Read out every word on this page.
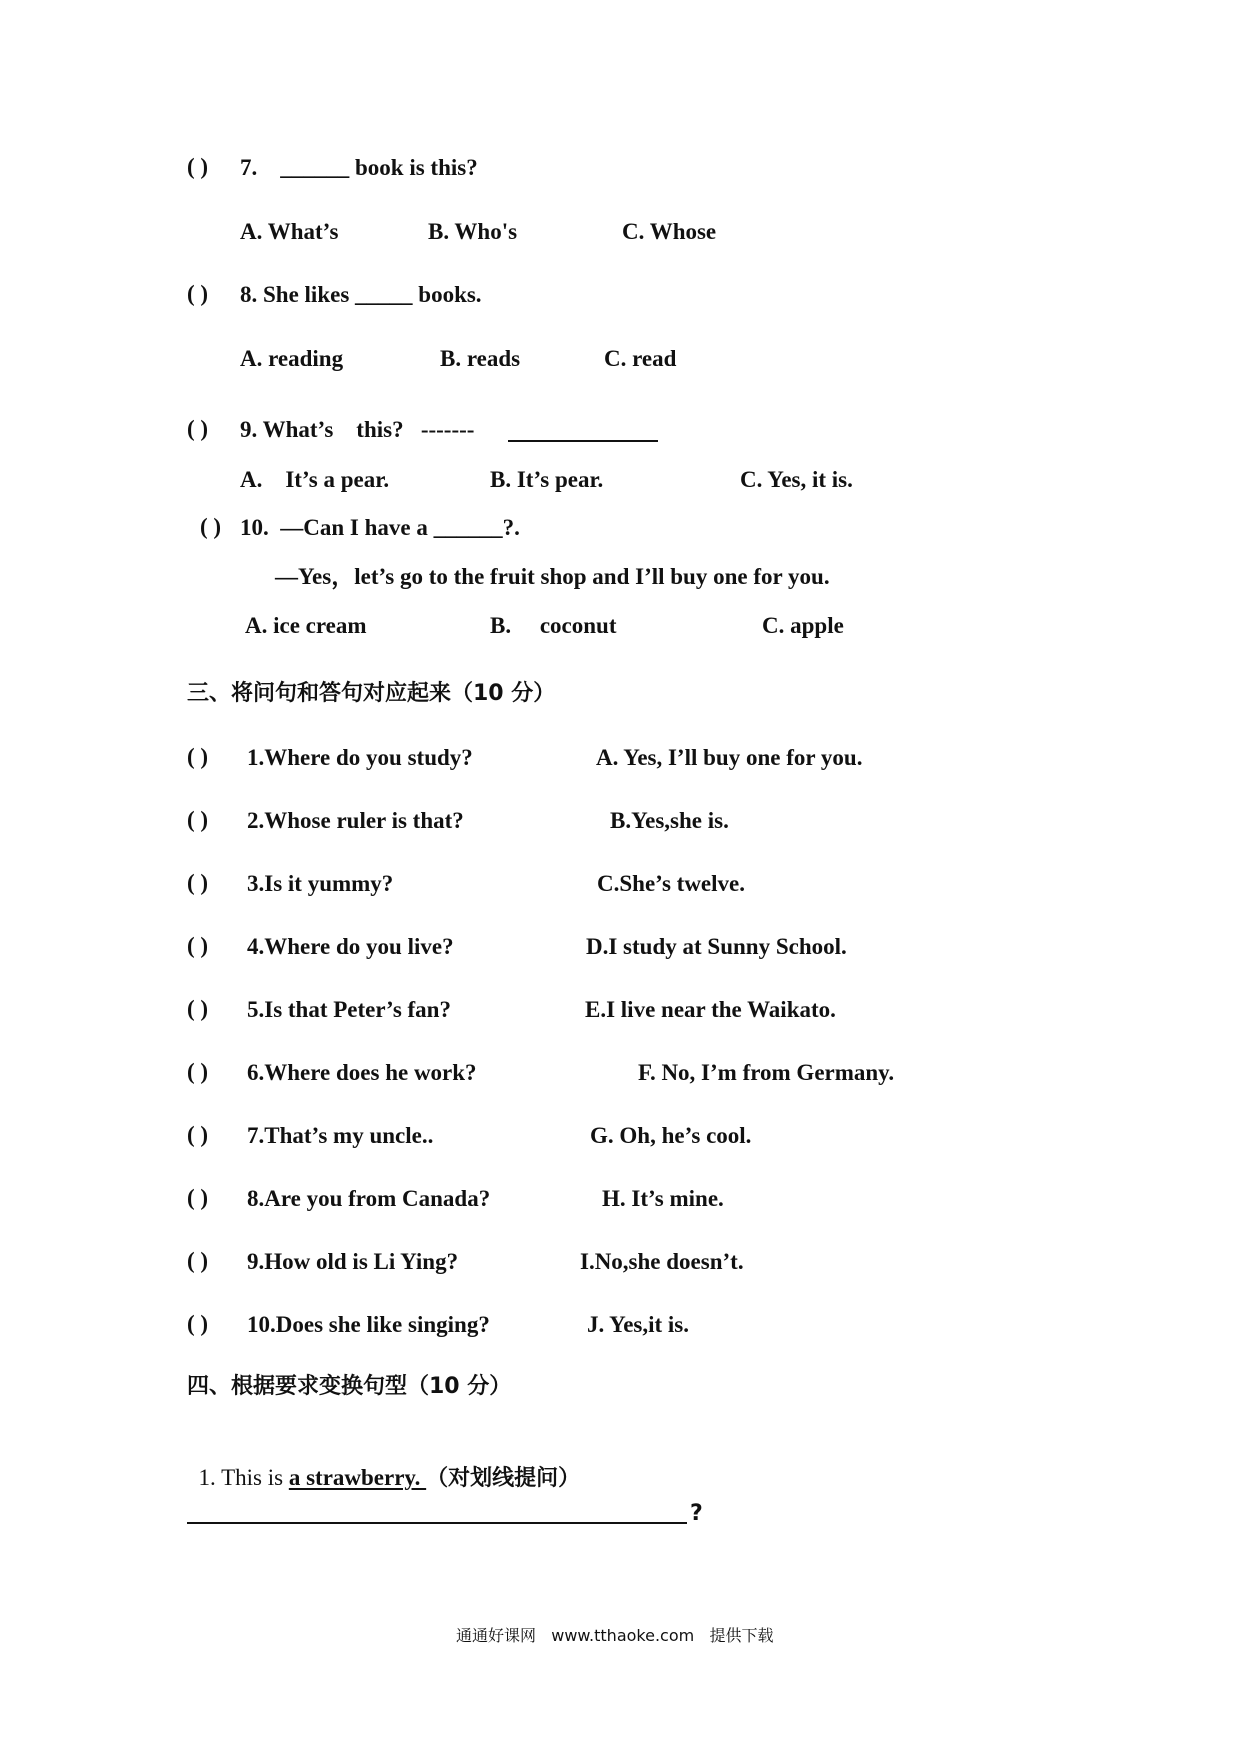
( ) 7.    ______ book is this?
A. What’s	B. Who's	C. Whose
( ) 8. She likes _____ books.
A. reading	B. reads	C. read
( ) 9. What’s    this?   -------
A.    It’s a pear.	B. It’s pear.	C. Yes, it is.
( ) 10.  —Can I have a ______?.
—Yes，let’s go to the fruit shop and I’ll buy one for you.
A. ice cream	B.     coconut	C. apple
三、将问句和答句对应起来（10 分）
( ) 1.Where do you study?	A. Yes, I’ll buy one for you.
( ) 2.Whose ruler is that?	B.Yes,she is.
( ) 3.Is it yummy?	C.She’s twelve.
( ) 4.Where do you live?	D.I study at Sunny School.
( ) 5.Is that Peter’s fan?	E.I live near the Waikato.
( ) 6.Where does he work?	F. No, I’m from Germany.
( ) 7.That’s my uncle..	G. Oh, he’s cool.
( ) 8.Are you from Canada?	H. It’s mine.
( ) 9.How old is Li Ying?	I.No,she doesn’t.
( ) 10.Does she like singing?	J. Yes,it is.
四、根据要求变换句型（10 分）

1. This is a strawberry. （对划线提问）

?
通通好课网   www.tthaoke.com   提供下载
